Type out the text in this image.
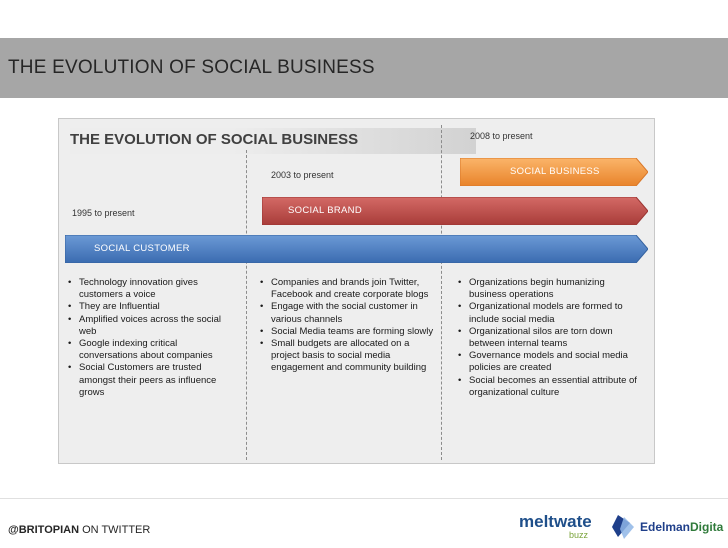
THE EVOLUTION OF SOCIAL BUSINESS
THE EVOLUTION OF SOCIAL BUSINESS
1995 to present
2003 to present
2008 to present
SOCIAL BRAND
SOCIAL BUSINESS
SOCIAL CUSTOMER
• Technology innovation gives customers a voice
• They are Influential
• Amplified voices across the social web
• Google indexing critical conversations about companies
• Social Customers are trusted amongst their peers as influence grows
• Companies and brands join Twitter, Facebook and create corporate blogs
• Engage with the social customer in various channels
• Social Media teams are forming slowly
• Small budgets are allocated on a project basis to social media engagement and community building
• Organizations begin humanizing business operations
• Organizational models are formed to include social media
• Organizational silos are torn down between internal teams
• Governance models and social media policies are created
• Social becomes an essential attribute of organizational culture
@BRITOPIAN ON TWITTER	meltwater
buzz
Edelman Digital
